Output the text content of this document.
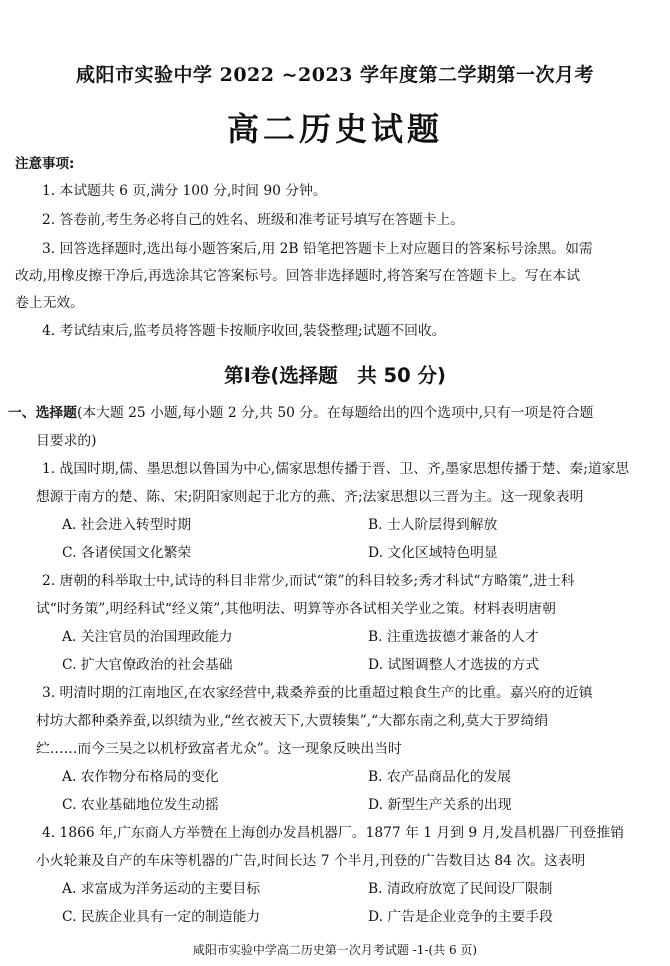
咸阳市实验中学 2022 ~2023 学年度第二学期第一次月考
高二历史试题
注意事项:
1. 本试题共 6 页,满分 100 分,时间 90 分钟。
2. 答卷前,考生务必将自己的姓名、班级和准考证号填写在答题卡上。
3. 回答选择题时,选出每小题答案后,用 2B 铅笔把答题卡上对应题目的答案标号涂黑。如需
改动,用橡皮擦干净后,再选涂其它答案标号。回答非选择题时,将答案写在答题卡上。写在本试
卷上无效。
4. 考试结束后,监考员将答题卡按顺序收回,装袋整理;试题不回收。
第Ⅰ卷(选择题　共 50 分)
一、选择题(本大题 25 小题,每小题 2 分,共 50 分。在每题给出的四个选项中,只有一项是符合题
目要求的)
1. 战国时期,儒、墨思想以鲁国为中心,儒家思想传播于晋、卫、齐,墨家思想传播于楚、秦;道家思
想源于南方的楚、陈、宋;阴阳家则起于北方的燕、齐;法家思想以三晋为主。这一现象表明
A. 社会进入转型时期	B. 士人阶层得到解放
C. 各诸侯国文化繁荣	D. 文化区域特色明显
2. 唐朝的科举取士中,试诗的科目非常少,而试“策”的科目较多;秀才科试“方略策”,进士科
试“时务策”,明经科试“经义策”,其他明法、明算等亦各试相关学业之策。材料表明唐朝
A. 关注官员的治国理政能力	B. 注重选拔德才兼备的人才
C. 扩大官僚政治的社会基础	D. 试图调整人才选拔的方式
3. 明清时期的江南地区,在农家经营中,栽桑养蚕的比重超过粮食生产的比重。嘉兴府的近镇
村坊大都种桑养蚕,以织绩为业,“丝衣被天下,大贾辏集”,“大都东南之利,莫大于罗绮绢
纻……而今三吴之以机杼致富者尤众”。这一现象反映出当时
A. 农作物分布格局的变化	B. 农产品商品化的发展
C. 农业基础地位发生动摇	D. 新型生产关系的出现
4. 1866 年,广东商人方举赞在上海创办发昌机器厂。1877 年 1 月到 9 月,发昌机器厂刊登推销
小火轮兼及自产的车床等机器的广告,时间长达 7 个半月,刊登的广告数目达 84 次。这表明
A. 求富成为洋务运动的主要目标	B. 清政府放宽了民间设厂限制
C. 民族企业具有一定的制造能力	D. 广告是企业竞争的主要手段
咸阳市实验中学高二历史第一次月考试题 -1-(共 6 页)
